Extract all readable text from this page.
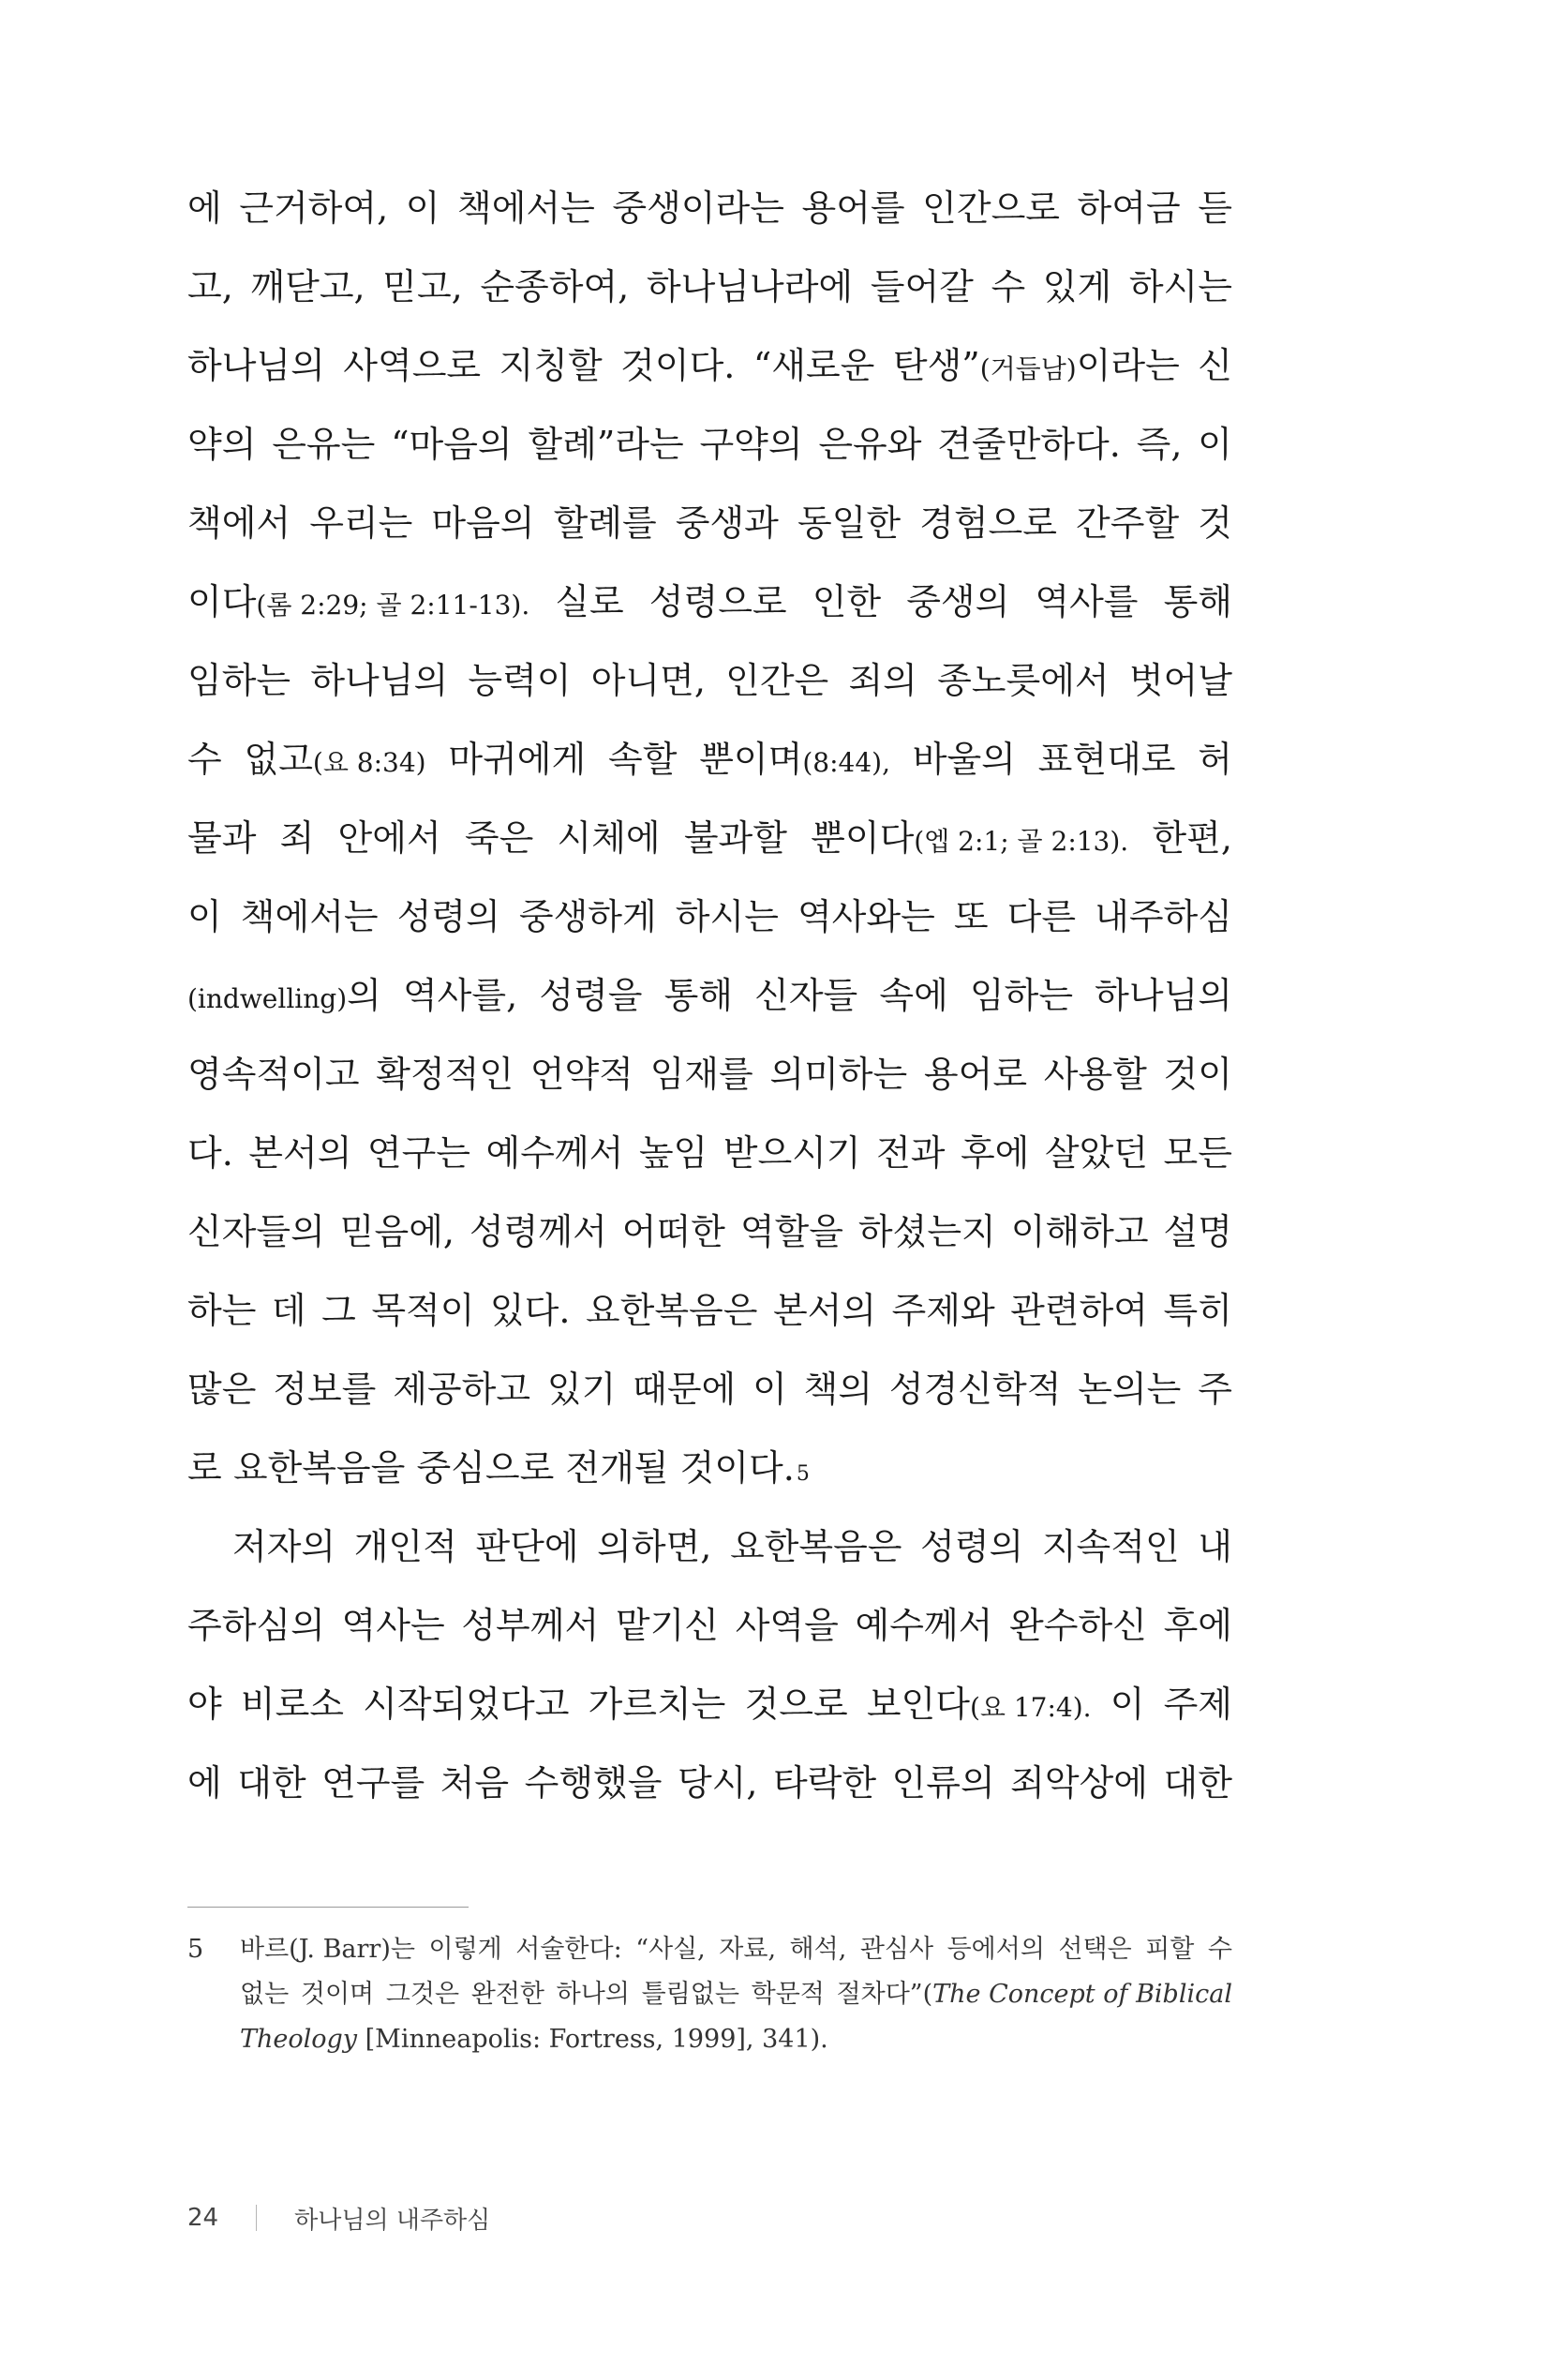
에 근거하여, 이 책에서는 중생이라는 용어를 인간으로 하여금 듣
고, 깨닫고, 믿고, 순종하여, 하나님나라에 들어갈 수 있게 하시는
하나님의 사역으로 지칭할 것이다. “새로운 탄생”(거듭남)이라는 신
약의 은유는 “마음의 할례”라는 구약의 은유와 견줄만하다. 즉, 이
책에서 우리는 마음의 할례를 중생과 동일한 경험으로 간주할 것
이다(롬 2:29; 골 2:11-13). 실로 성령으로 인한 중생의 역사를 통해
임하는 하나님의 능력이 아니면, 인간은 죄의 종노릇에서 벗어날
수 없고(요 8:34) 마귀에게 속할 뿐이며(8:44), 바울의 표현대로 허
물과 죄 안에서 죽은 시체에 불과할 뿐이다(엡 2:1; 골 2:13). 한편,
이 책에서는 성령의 중생하게 하시는 역사와는 또 다른 내주하심
(indwelling)의 역사를, 성령을 통해 신자들 속에 임하는 하나님의
영속적이고 확정적인 언약적 임재를 의미하는 용어로 사용할 것이
다. 본서의 연구는 예수께서 높임 받으시기 전과 후에 살았던 모든
신자들의 믿음에, 성령께서 어떠한 역할을 하셨는지 이해하고 설명
하는 데 그 목적이 있다. 요한복음은 본서의 주제와 관련하여 특히
많은 정보를 제공하고 있기 때문에 이 책의 성경신학적 논의는 주
로
요한복음을
중심으로
전개될
것이다. 5
저자의 개인적 판단에 의하면, 요한복음은 성령의 지속적인 내
주하심의 역사는 성부께서 맡기신 사역을 예수께서 완수하신 후에
야 비로소 시작되었다고 가르치는 것으로 보인다(요 17:4). 이 주제
에 대한 연구를 처음 수행했을 당시, 타락한 인류의 죄악상에 대한
5	바르(J. Barr)는 이렇게 서술한다: “사실, 자료, 해석, 관심사 등에서의 선택은 피할 수
없는 것이며 그것은 완전한 하나의 틀림없는 학문적 절차다”(The Concept of Biblical
Theology [Minneapolis: Fortress, 1999], 341).
24	하나님의 내주하심
